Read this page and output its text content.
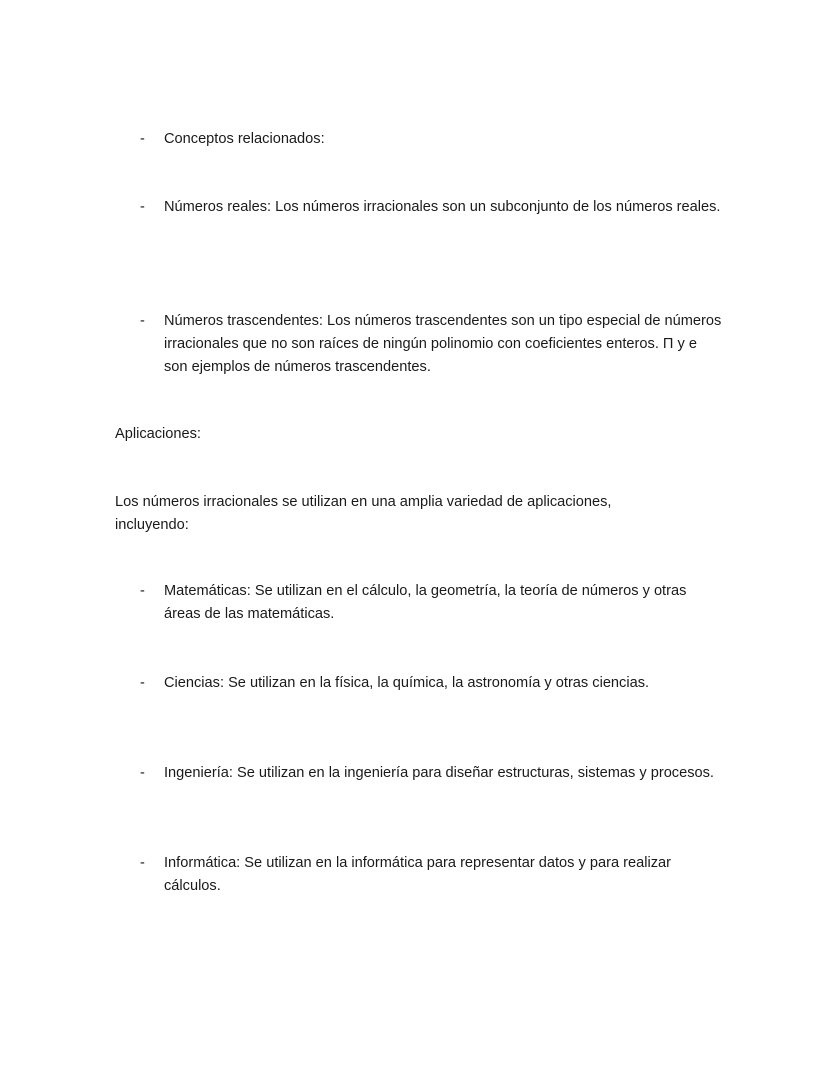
- Conceptos relacionados:
- Números reales: Los números irracionales son un subconjunto de los números reales.
- Números trascendentes: Los números trascendentes son un tipo especial de números irracionales que no son raíces de ningún polinomio con coeficientes enteros. Π y e son ejemplos de números trascendentes.
Aplicaciones:
Los números irracionales se utilizan en una amplia variedad de aplicaciones, incluyendo:
- Matemáticas: Se utilizan en el cálculo, la geometría, la teoría de números y otras áreas de las matemáticas.
- Ciencias: Se utilizan en la física, la química, la astronomía y otras ciencias.
- Ingeniería: Se utilizan en la ingeniería para diseñar estructuras, sistemas y procesos.
- Informática: Se utilizan en la informática para representar datos y para realizar cálculos.
